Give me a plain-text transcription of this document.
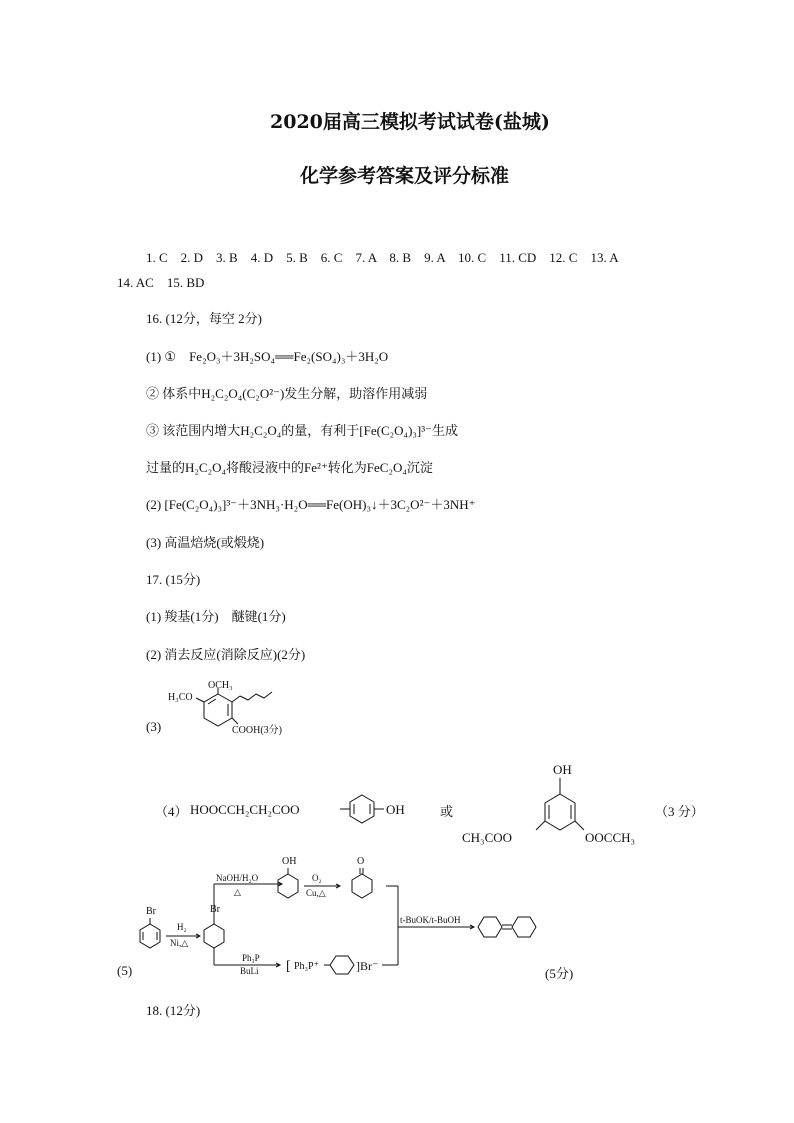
2020届高三模拟考试试卷(盐城)
化学参考答案及评分标准
1. C　2. D　3. B　4. D　5. B　6. C　7. A　8. B　9. A　10. C　11. CD　12. C　13. A
14. AC　15. BD
16. (12分，每空 2分)
(1) ①　Fe₂O₃＋3H₂SO₄══Fe₂(SO₄)₃＋3H₂O
② 体系中H₂C₂O₄(C₂O²⁻)发生分解，助溶作用减弱
③ 该范围内增大H₂C₂O₄的量，有利于[Fe(C₂O₄)₃]³⁻生成
过量的H₂C₂O₄将酸浸液中的Fe²⁺转化为FeC₂O₄沉淀
(2) [Fe(C₂O₄)₃]³⁻＋3NH₃·H₂O══Fe(OH)₃↓＋3C₂O²⁻＋3NH⁺
(3) 高温焙烧(或煅烧)
17. (15分)
(1) 羧基(1分)　醚键(1分)
(2) 消去反应(消除反应)(2分)
(3)
OCH₃
H₃CO
COOH(3分)
（4） HOOCCH₂CH₂COO	OH	或
OH
CH₃COO	OOCCH₃
（3 分）
(5)
Br
H₂
Ni,△
Br
NaOH/H₂O
△
OH
O₂
Cu,△
O
Ph₃P
BuLi [ Ph₃P⁺	]Br⁻
t-BuOK/t-BuOH
(5分)
18. (12分)
